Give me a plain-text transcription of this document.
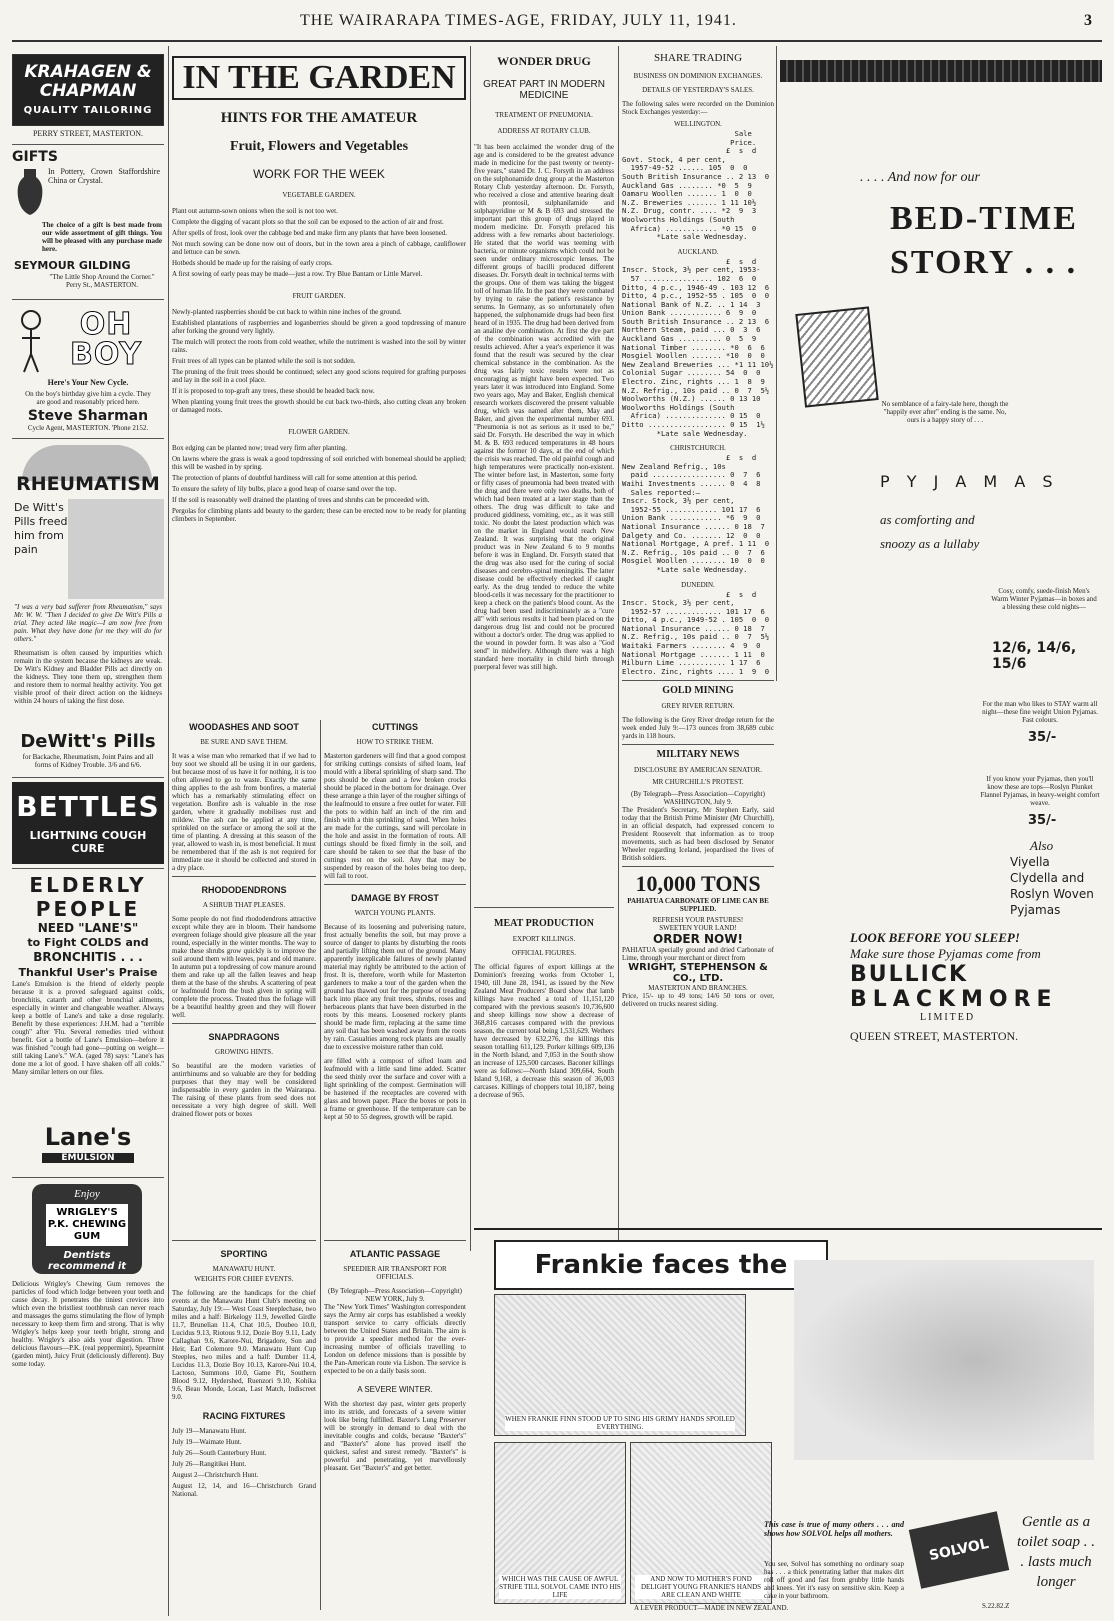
THE WAIRARAPA TIMES-AGE, FRIDAY, JULY 11, 1941.	3
KRAHAGEN & CHAPMAN
QUALITY TAILORING
PERRY STREET, MASTERTON.
GIFTS
In Pottery, Crown Staffordshire China or Crystal.
The choice of a gift is best made from our wide assortment of gift things. You will be pleased with any purchase made here.
SEYMOUR GILDING
"The Little Shop Around the Corner." Perry St., MASTERTON.
OH BOY
Here's Your New Cycle.
On the boy's birthday give him a cycle. They are good and reasonably priced here.
Steve Sharman
Cycle Agent, MASTERTON. 'Phone 2152.
RHEUMATISM
De Witt's Pills freed him from pain
"I was a very bad sufferer from Rheumatism," says Mr. W. W. "Then I decided to give De Witt's Pills a trial. They acted like magic—I am now free from pain. What they have done for me they will do for others."
Rheumatism is often caused by impurities which remain in the system because the kidneys are weak. De Witt's Kidney and Bladder Pills act directly on the kidneys. They tone them up, strengthen them and restore them to normal healthy activity. You get visible proof of their direct action on the kidneys within 24 hours of taking the first dose.
DeWitt's Pills
for Backache, Rheumatism, Joint Pains and all forms of Kidney Trouble. 3/6 and 6/6.
BETTLES
LIGHTNING COUGH CURE
ELDERLY
PEOPLE
NEED "LANE'S"
to Fight COLDS and
BRONCHITIS . . .
Thankful User's Praise
Lane's Emulsion is the friend of elderly people because it is a proved safeguard against colds, bronchitis, catarrh and other bronchial ailments, especially in winter and changeable weather. Always keep a bottle of Lane's and take a dose regularly. Benefit by these experiences: J.H.M. had a "terrible cough" after 'Flu. Several remedies tried without benefit. Got a bottle of Lane's Emulsion—before it was finished "cough had gone—putting on weight—still taking Lane's." W.A. (aged 78) says: "Lane's has done me a lot of good. I have shaken off all colds." Many similar letters on our files.
Lane's
EMULSION
Enjoy
WRIGLEY'S P.K. CHEWING GUM
Dentists recommend it
Delicious Wrigley's Chewing Gum removes the particles of food which lodge between your teeth and cause decay. It penetrates the tiniest crevices into which even the bristliest toothbrush can never reach and massages the gums stimulating the flow of lymph necessary to keep them firm and strong. That is why Wrigley's helps keep your teeth bright, strong and healthy. Wrigley's also aids your digestion. Three delicious flavours—P.K. (real peppermint), Spearmint (garden mint), Juicy Fruit (deliciously different). Buy some today.
IN THE GARDEN
HINTS FOR THE AMATEUR
Fruit, Flowers and Vegetables
WORK FOR THE WEEK
VEGETABLE GARDEN.
Plant out autumn-sown onions when the soil is not too wet.
Complete the digging of vacant plots so that the soil can be exposed to the action of air and frost.
After spells of frost, look over the cabbage bed and make firm any plants that have been loosened.
Not much sowing can be done now out of doors, but in the town area a pinch of cabbage, cauliflower and lettuce can be sown.
Hotbeds should be made up for the raising of early crops.
A first sowing of early peas may be made—just a row. Try Blue Bantam or Little Marvel.
FRUIT GARDEN.
Newly-planted raspberries should be cut back to within nine inches of the ground.
Established plantations of raspberries and loganberries should be given a good topdressing of manure after forking the ground very lightly.
The mulch will protect the roots from cold weather, while the nutriment is washed into the soil by winter rains.
Fruit trees of all types can be planted while the soil is not sodden.
The pruning of the fruit trees should be continued; select any good scions required for grafting purposes and lay in the soil in a cool place.
If it is proposed to top-graft any trees, these should be headed back now.
When planting young fruit trees the growth should be cut back two-thirds, also cutting clean any broken or damaged roots.
FLOWER GARDEN.
Box edging can be planted now; tread very firm after planting.
On lawns where the grass is weak a good topdressing of soil enriched with bonemeal should be applied; this will be washed in by spring.
The protection of plants of doubtful hardiness will call for some attention at this period.
To ensure the safety of lily bulbs, place a good heap of coarse sand over the top.
If the soil is reasonably well drained the planting of trees and shrubs can be proceeded with.
Pergolas for climbing plants add beauty to the garden; these can be erected now to be ready for planting climbers in September.
WOODASHES AND SOOT
BE SURE AND SAVE THEM.
It was a wise man who remarked that if we had to buy soot we should all be using it in our gardens, but because most of us have it for nothing, it is too often allowed to go to waste. Exactly the same thing applies to the ash from bonfires, a material which has a remarkably stimulating effect on vegetation. Bonfire ash is valuable in the rose garden, where it gradually mobilises rust and mildew. The ash can be applied at any time, sprinkled on the surface or among the soil at the time of planting. A dressing at this season of the year, allowed to wash in, is most beneficial. It must be remembered that if the ash is not required for immediate use it should be collected and stored in a dry place.
RHODODENDRONS
A SHRUB THAT PLEASES.
Some people do not find rhododendrons attractive except while they are in bloom. Their handsome evergreen foliage should give pleasure all the year round, especially in the winter months. The way to make these shrubs grow quickly is to improve the soil around them with leaves, peat and old manure. In autumn put a topdressing of cow manure around them and rake up all the fallen leaves and heap them at the base of the shrubs. A scattering of peat or leafmould from the bush given in spring will complete the process. Treated thus the foliage will be a beautiful healthy green and they will flower well.
SNAPDRAGONS
GROWING HINTS.
So beautiful are the modern varieties of antirrhinums and so valuable are they for bedding purposes that they may well be considered indispensable in every garden in the Wairarapa. The raising of these plants from seed does not necessitate a very high degree of skill. Well drained flower pots or boxes
CUTTINGS
HOW TO STRIKE THEM.
Masterton gardeners will find that a good compost for striking cuttings consists of sifted loam, leaf mould with a liberal sprinkling of sharp sand. The pots should be clean and a few broken crocks should be placed in the bottom for drainage. Over these arrange a thin layer of the rougher siftings of the leafmould to ensure a free outlet for water. Fill the pots to within half an inch of the rim and finish with a thin sprinkling of sand. When holes are made for the cuttings, sand will percolate in the hole and assist in the formation of roots. All cuttings should be fixed firmly in the soil, and care should be taken to see that the base of the cuttings rest on the soil. Any that may be suspended by reason of the holes being too deep, will fail to root.
DAMAGE BY FROST
WATCH YOUNG PLANTS.
Because of its loosening and pulverising nature, frost actually benefits the soil, but may prove a source of danger to plants by disturbing the roots and partially lifting them out of the ground. Many apparently inexplicable failures of newly planted material may rightly be attributed to the action of frost. It is, therefore, worth while for Masterton gardeners to make a tour of the garden when the ground has thawed out for the purpose of treading back into place any fruit trees, shrubs, roses and herbaceous plants that have been disturbed in the roots by this means. Loosened rockery plants should be made firm, replacing at the same time any soil that has been washed away from the roots by rain. Casualties among rock plants are usually due to excessive moisture rather than cold.
are filled with a compost of sifted loam and leafmould with a little sand lime added. Scatter the seed thinly over the surface and cover with a light sprinkling of the compost. Germination will be hastened if the receptacles are covered with glass and brown paper. Place the boxes or pots in a frame or greenhouse. If the temperature can be kept at 50 to 55 degrees, growth will be rapid.
SPORTING
MANAWATU HUNT.
WEIGHTS FOR CHIEF EVENTS.
The following are the handicaps for the chief events at the Manawatu Hunt Club's meeting on Saturday, July 19:— West Coast Steeplechase, two miles and a half: Birkelogy 11.9, Jewelled Girdle 11.7, Brunelian 11.4, Chat 10.5, Doubeo 10.0, Lucidus 9.13, Riotous 9.12, Dozie Boy 9.11, Lady Callaghan 9.6, Karore-Nui, Brigadore, Son and Heir, Earl Colemore 9.0. Manawatu Hunt Cup Steeples, two miles and a half: Dumber 11.4, Lucidus 11.3, Dozie Boy 10.13, Karore-Nui 10.4, Lactoso, Summons 10.0, Game Pit, Southern Blood 9.12, Hydershed, Ruenzori 9.10, Kohika 9.6, Beau Monde, Locan, Last Match, Indiscreet 9.0.
RACING FIXTURES
July 19—Manawatu Hunt.
July 19—Waimate Hunt.
July 26—South Canterbury Hunt.
July 26—Rangitikei Hunt.
August 2—Christchurch Hunt.
August 12, 14, and 16—Christchurch Grand National.
ATLANTIC PASSAGE
SPEEDIER AIR TRANSPORT FOR OFFICIALS.
(By Telegraph—Press Association—Copyright) NEW YORK, July 9.
The "New York Times" Washington correspondent says the Army air corps has established a weekly transport service to carry officials directly between the United States and Britain. The aim is to provide a speedier method for the ever-increasing number of officials travelling to London on defence missions than is possible by the Pan-American route via Lisbon. The service is expected to be on a daily basis soon.
A SEVERE WINTER.
With the shortest day past, winter gets properly into its stride, and forecasts of a severe winter look like being fulfilled. Baxter's Lung Preserver will be strongly in demand to deal with the inevitable coughs and colds, because "Baxter's" and "Baxter's" alone has proved itself the quickest, safest and surest remedy. "Baxter's" is powerful and penetrating, yet marvellously pleasant. Get "Baxter's" and get better.
WONDER DRUG
GREAT PART IN MODERN MEDICINE
TREATMENT OF PNEUMONIA.
ADDRESS AT ROTARY CLUB.
"It has been acclaimed the wonder drug of the age and is considered to be the greatest advance made in medicine for the past twenty or twenty-five years," stated Dr. J. C. Forsyth in an address on the sulphonamide drug group at the Masterton Rotary Club yesterday afternoon. Dr. Forsyth, who received a close and attentive hearing dealt with prontosil, sulphanilamide and sulphapyridine or M & B 693 and stressed the important part this group of drugs played in modern medicine. Dr. Forsyth prefaced his address with a few remarks about bacteriology. He stated that the world was teeming with bacteria, or minute organisms which could not be seen under ordinary microscopic lenses. The different groups of bacilli produced different diseases. Dr. Forsyth dealt in technical terms with the groups. One of them was taking the biggest toll of human life. In the past they were combated by trying to raise the patient's resistance by serums. In Germany, as so unfortunately often happened, the sulphonamide drugs had been first heard of in 1935. The drug had been derived from an analine dye combination. At first the dye part of the combination was accredited with the results achieved. After a year's experience it was found that the result was secured by the clear chemical substance in the combination. As the drug was fairly toxic results were not as encouraging as might have been expected. Two years later it was introduced into England. Some two years ago, May and Baker, English chemical research workers discovered the present valuable drug, which was named after them, May and Baker, and given the experimental number 693. "Pneumonia is not as serious as it used to be," said Dr. Forsyth. He described the way in which M. & B. 693 reduced temperatures in 48 hours against the former 10 days, at the end of which the crisis was reached. The old painful cough and high temperatures were practically non-existent. The winter before last, in Masterton, some forty or fifty cases of pneumonia had been treated with the drug and there were only two deaths, both of which had been treated at a later stage than the others. The drug was difficult to take and produced giddiness, vomiting, etc., as it was still toxic. No doubt the latest production which was on the market in England would reach New Zealand. It was surprising that the original product was in New Zealand 6 to 9 months before it was in England. Dr. Forsyth stated that the drug was also used for the curing of social diseases and cerebro-spinal meningitis. The latter disease could be effectively checked if caught early. As the drug tended to reduce the white blood-cells it was necessary for the practitioner to keep a check on the patient's blood count. As the drug had been used indiscriminately as a "cure all" with serious results it had been placed on the dangerous drug list and could not be procured without a doctor's order. The drug was applied to the wound in powder form. It was also a "God send" in midwifery. Although there was a high standard here mortality in child birth through puerperal fever was still high.
MEAT PRODUCTION
EXPORT KILLINGS.
OFFICIAL FIGURES.
The official figures of export killings at the Dominion's freezing works from October 1, 1940, till June 28, 1941, as issued by the New Zealand Meat Producers' Board show that lamb killings have reached a total of 11,151,120 compared with the previous season's 10,736,600 and sheep killings now show a decrease of 368,816 carcases compared with the previous season, the current total being 1,531,629. Wethers have decreased by 632,276, the killings this season totalling 611,129. Porker killings 609,136 in the North Island, and 7,053 in the South show an increase of 125,500 carcases. Baconer killings were as follows:—North Island 309,664, South Island 9,168, a decrease this season of 36,003 carcases. Killings of choppers total 10,187, being a decrease of 965.
SHARE TRADING
BUSINESS ON DOMINION EXCHANGES.
DETAILS OF YESTERDAY'S SALES.
The following sales were recorded on the Dominion Stock Exchanges yesterday:—
WELLINGTON.
Sale
Price.
£  s  d
Govt. Stock, 4 per cent,
1957-49-52 ...... 105  0  0
South British Insurance .. 2 13  0
Auckland Gas ........ *0  5  9
Oamaru Woollen ....... 1  0  0
N.Z. Breweries ....... 1 11 10½
N.Z. Drug, contr. .... *2  9  3
Woolworths Holdings (South
Africa) ............ *0 15  0
*Late sale Wednesday.
AUCKLAND.
£  s  d
Inscr. Stock, 3½ per cent, 1953-
57 ................ 102  6  0
Ditto, 4 p.c., 1946-49 . 103 12  6
Ditto, 4 p.c., 1952-55 . 105  0  0
National Bank of N.Z. .. 1 14  3
Union Bank ............ 6  9  0
South British Insurance .. 2 13  6
Northern Steam, paid ... 0  3  6
Auckland Gas .......... 0  5  9
National Timber ........ *0  6  6
Mosgiel Woollen ....... *10  0  0
New Zealand Breweries ... *1 11 10½
Colonial Sugar ........ 54  0  0
Electro. Zinc, rights ... 1  8  9
N.Z. Refrig., 10s paid .. 0  7  5½
Woolworths (N.Z.) ...... 0 13 10
Woolworths Holdings (South
Africa) .............. 0 15  0
Ditto .................. 0 15  1½
*Late sale Wednesday.
CHRISTCHURCH.
£  s  d
New Zealand Refrig., 10s
paid ................. 0  7  6
Waihi Investments ...... 0  4  8
Sales reported:—
Inscr. Stock, 3½ per cent,
1952-55 ............ 101 17  6
Union Bank ............ *6  9  0
National Insurance ...... 0 18  7
Dalgety and Co. ....... 12  0  0
National Mortgage, A pref. 1 11  0
N.Z. Refrig., 10s paid .. 0  7  6
Mosgiel Woollen ........ 10  0  0
*Late sale Wednesday.
DUNEDIN.
£  s  d
Inscr. Stock, 3½ per cent,
1952-57 ............. 101 17  6
Ditto, 4 p.c., 1949-52 . 105  0  0
National Insurance ...... 0 18  7
N.Z. Refrig., 10s paid .. 0  7  5½
Waitaki Farmers ........ 4  9  0
National Mortgage ....... 1 11  0
Milburn Lime ........... 1 17  6
Electro. Zinc, rights .... 1  9  0
GOLD MINING
GREY RIVER RETURN.
The following is the Grey River dredge return for the week ended July 9:—173 ounces from 38,689 cubic yards in 118 hours.
MILITARY NEWS
DISCLOSURE BY AMERICAN SENATOR.
MR CHURCHILL'S PROTEST.
(By Telegraph—Press Association—Copyright) WASHINGTON, July 9.
The President's Secretary, Mr Stephen Early, said today that the British Prime Minister (Mr Churchill), in an official despatch, had expressed concern to President Roosevelt that information as to troop movements, such as had been disclosed by Senator Wheeler regarding Iceland, jeopardised the lives of British soldiers.
10,000 TONS
PAHIATUA CARBONATE OF LIME CAN BE SUPPLIED.
REFRESH YOUR PASTURES!
SWEETEN YOUR LAND!
ORDER NOW!
PAHIATUA specially ground and dried Carbonate of Lime, through your merchant or direct from
WRIGHT, STEPHENSON & CO., LTD.
MASTERTON AND BRANCHES.
Price, 15/- up to 49 tons; 14/6 50 tons or over, delivered on trucks nearest siding.
. . . . And now for our
BED-TIME
STORY . . .
No semblance of a fairy-tale here, though the "happily ever after" ending is the same. No, ours is a happy story of . . .
P Y J A M A S
as comforting and snoozy as a lullaby
Cosy, comfy, suede-finish Men's Warm Winter Pyjamas—in boxes and a blessing these cold nights—
12/6, 14/6, 15/6
For the man who likes to STAY warm all night—these fine weight Union Pyjamas. Fast colours.
35/-
If you know your Pyjamas, then you'll know these are tops—Roslyn Plunket Flannel Pyjamas, in heavy-weight comfort weave.
35/-
Also
Viyella Clydella and Roslyn Woven Pyjamas
LOOK BEFORE YOU SLEEP!
Make sure those Pyjamas come from
BULLICK
BLACKMORE
LIMITED
QUEEN STREET, MASTERTON.
Frankie faces the
WHEN FRANKIE FINN STOOD UP TO SING HIS GRIMY HANDS SPOILED EVERYTHING.
WHICH WAS THE CAUSE OF AWFUL STRIFE TILL SOLVOL CAME INTO HIS LIFE
AND NOW TO MOTHER'S FOND DELIGHT YOUNG FRANKIE'S HANDS ARE CLEAN AND WHITE
A LEVER PRODUCT—MADE IN NEW ZEALAND.
This case is true of many others . . . and shows how SOLVOL helps all mothers.
You see, Solvol has something no ordinary soap has . . . a thick penetrating lather that makes dirt roll off good and fast from grubby little hands and knees. Yet it's easy on sensitive skin. Keep a cake in your bathroom.
SOLVOL
Gentle as a toilet soap . . . lasts much longer
S.22.82.Z
